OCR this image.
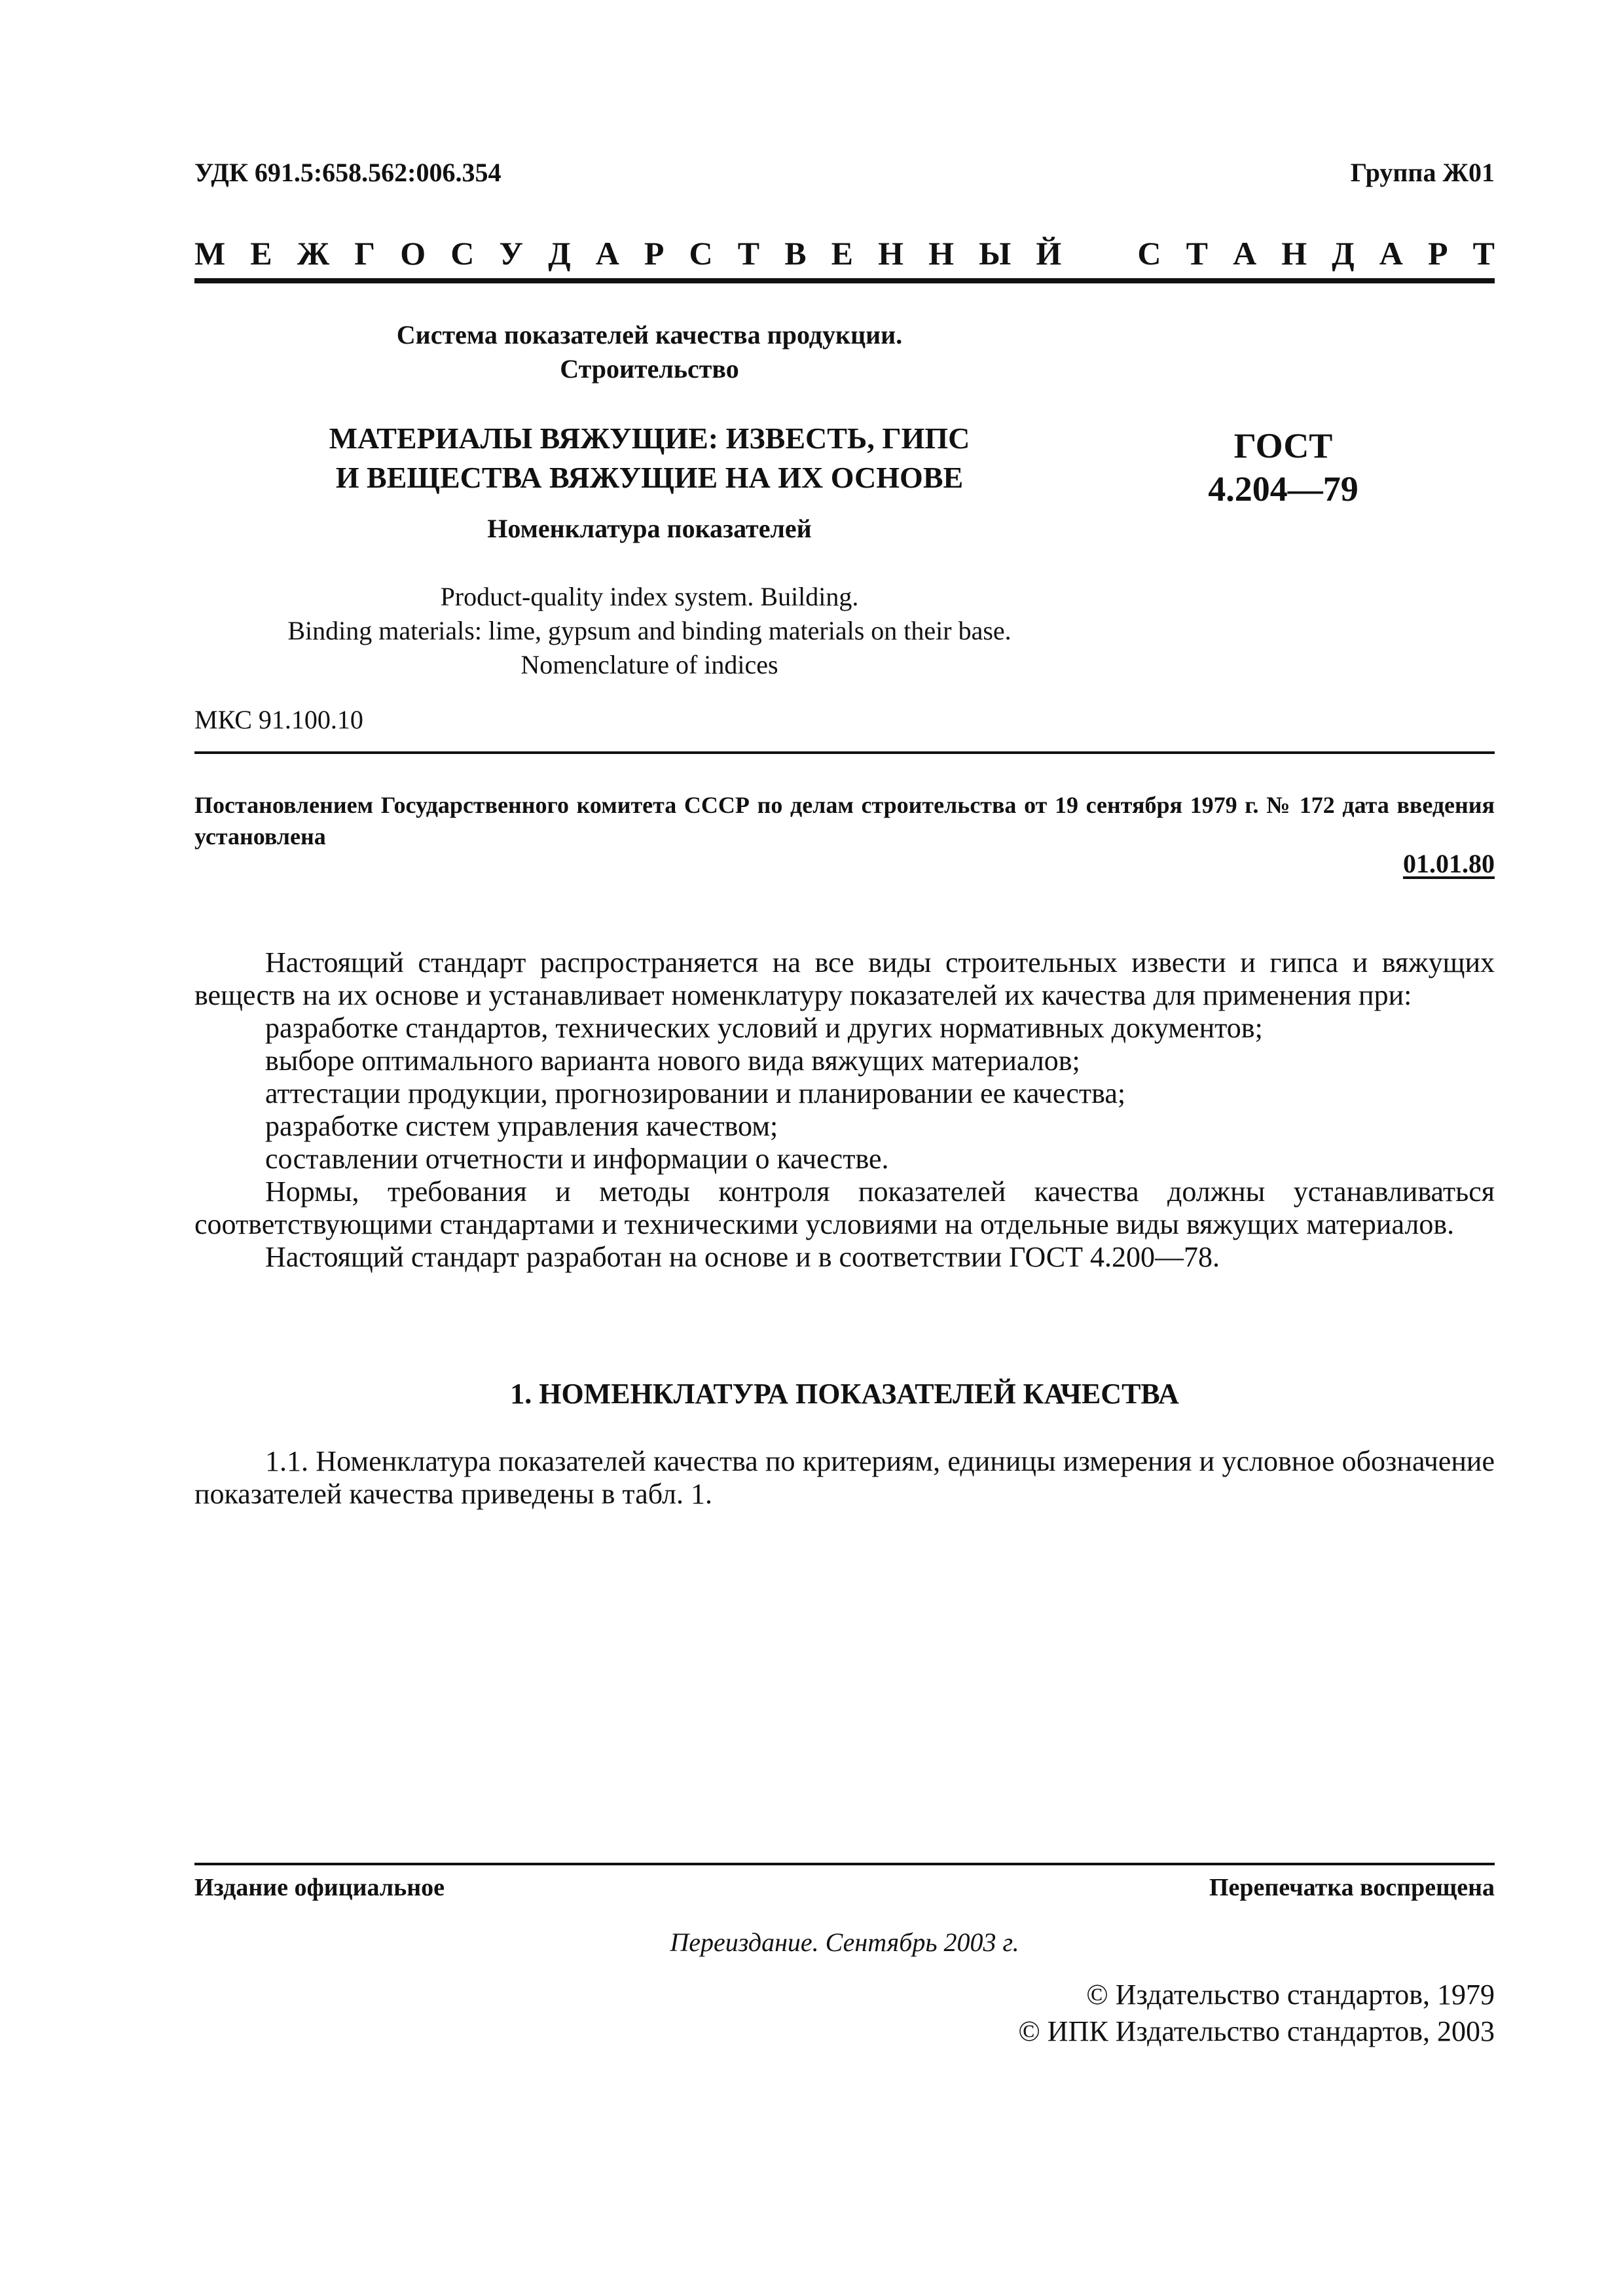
УДК 691.5:658.562:006.354	Группа Ж01
М Е Ж Г О С У Д А Р С Т В Е Н Н Ы Й С Т А Н Д А Р Т
Система показателей качества продукции.
Строительство
МАТЕРИАЛЫ ВЯЖУЩИЕ: ИЗВЕСТЬ, ГИПС
И ВЕЩЕСТВА ВЯЖУЩИЕ НА ИХ ОСНОВЕ
ГОСТ
4.204—79
Номенклатура показателей
Product-quality index system. Building.
Binding materials: lime, gypsum and binding materials on their base.
Nomenclature of indices
МКС 91.100.10
Постановлением Государственного комитета СССР по делам строительства от 19 сентября 1979 г. № 172 дата введения установлена
01.01.80

Настоящий стандарт распространяется на все виды строительных извести и гипса и вяжущих веществ на их основе и устанавливает номенклатуру показателей их качества для применения при:

разработке стандартов, технических условий и других нормативных документов;

выборе оптимального варианта нового вида вяжущих материалов;

аттестации продукции, прогнозировании и планировании ее качества;

разработке систем управления качеством;

составлении отчетности и информации о качестве.

Нормы, требования и методы контроля показателей качества должны устанавливаться соответствующими стандартами и техническими условиями на отдельные виды вяжущих материалов.

Настоящий стандарт разработан на основе и в соответствии ГОСТ 4.200—78.

1. НОМЕНКЛАТУРА ПОКАЗАТЕЛЕЙ КАЧЕСТВА

1.1. Номенклатура показателей качества по критериям, единицы измерения и условное обозначение показателей качества приведены в табл. 1.

Издание официальное	Перепечатка воспрещена
Переиздание. Сентябрь 2003 г.
© Издательство стандартов, 1979
© ИПК Издательство стандартов, 2003
